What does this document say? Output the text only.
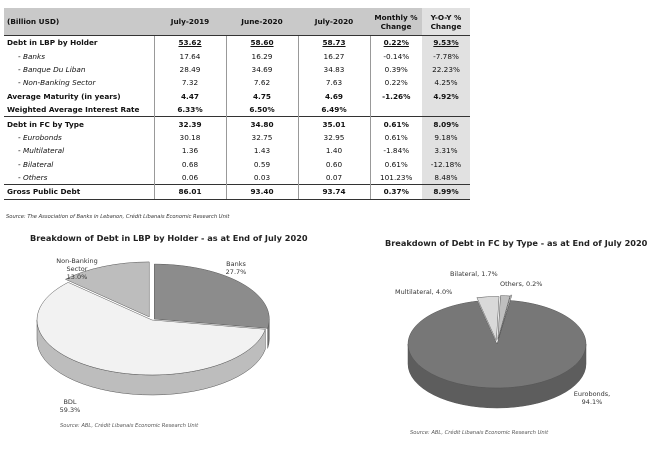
(Billion USD)	July-2019	June-2020	July-2020	Monthly % Change	Y-O-Y % Change
Debt in LBP by Holder	53.62	58.60	58.73	0.22%	9.53%
- Banks	17.64	16.29	16.27	-0.14%	-7.78%
- Banque Du Liban	28.49	34.69	34.83	0.39%	22.23%
- Non-Banking Sector	7.32	7.62	7.63	0.22%	4.25%
Average Maturity (in years)	4.47	4.75	4.69	-1.26%	4.92%
Weighted Average Interest Rate	6.33%	6.50%	6.49%		
Debt in FC by Type	32.39	34.80	35.01	0.61%	8.09%
- Eurobonds	30.18	32.75	32.95	0.61%	9.18%
- Multilateral	1.36	1.43	1.40	-1.84%	3.31%
- Bilateral	0.68	0.59	0.60	0.61%	-12.18%
- Others	0.06	0.03	0.07	101.23%	8.48%
Gross Public Debt	86.01	93.40	93.74	0.37%	8.99%
Source: The Association of Banks in Lebanon, Crédit Libanais Economic Research Unit
Breakdown of Debt in LBP by Holder - as at End of July 2020	Breakdown of Debt in FC by Type - as at End of July 2020
Source: ABL, Crédit Libanais Economic Research Unit
Source: ABL, Crédit Libanais Economic Research Unit
Banks
27.7%
BDL
59.3%
Non-Banking
Sector
13.0%
Eurobonds,
94.1%
Multilateral, 4.0%
Bilateral, 1.7%
Others, 0.2%
